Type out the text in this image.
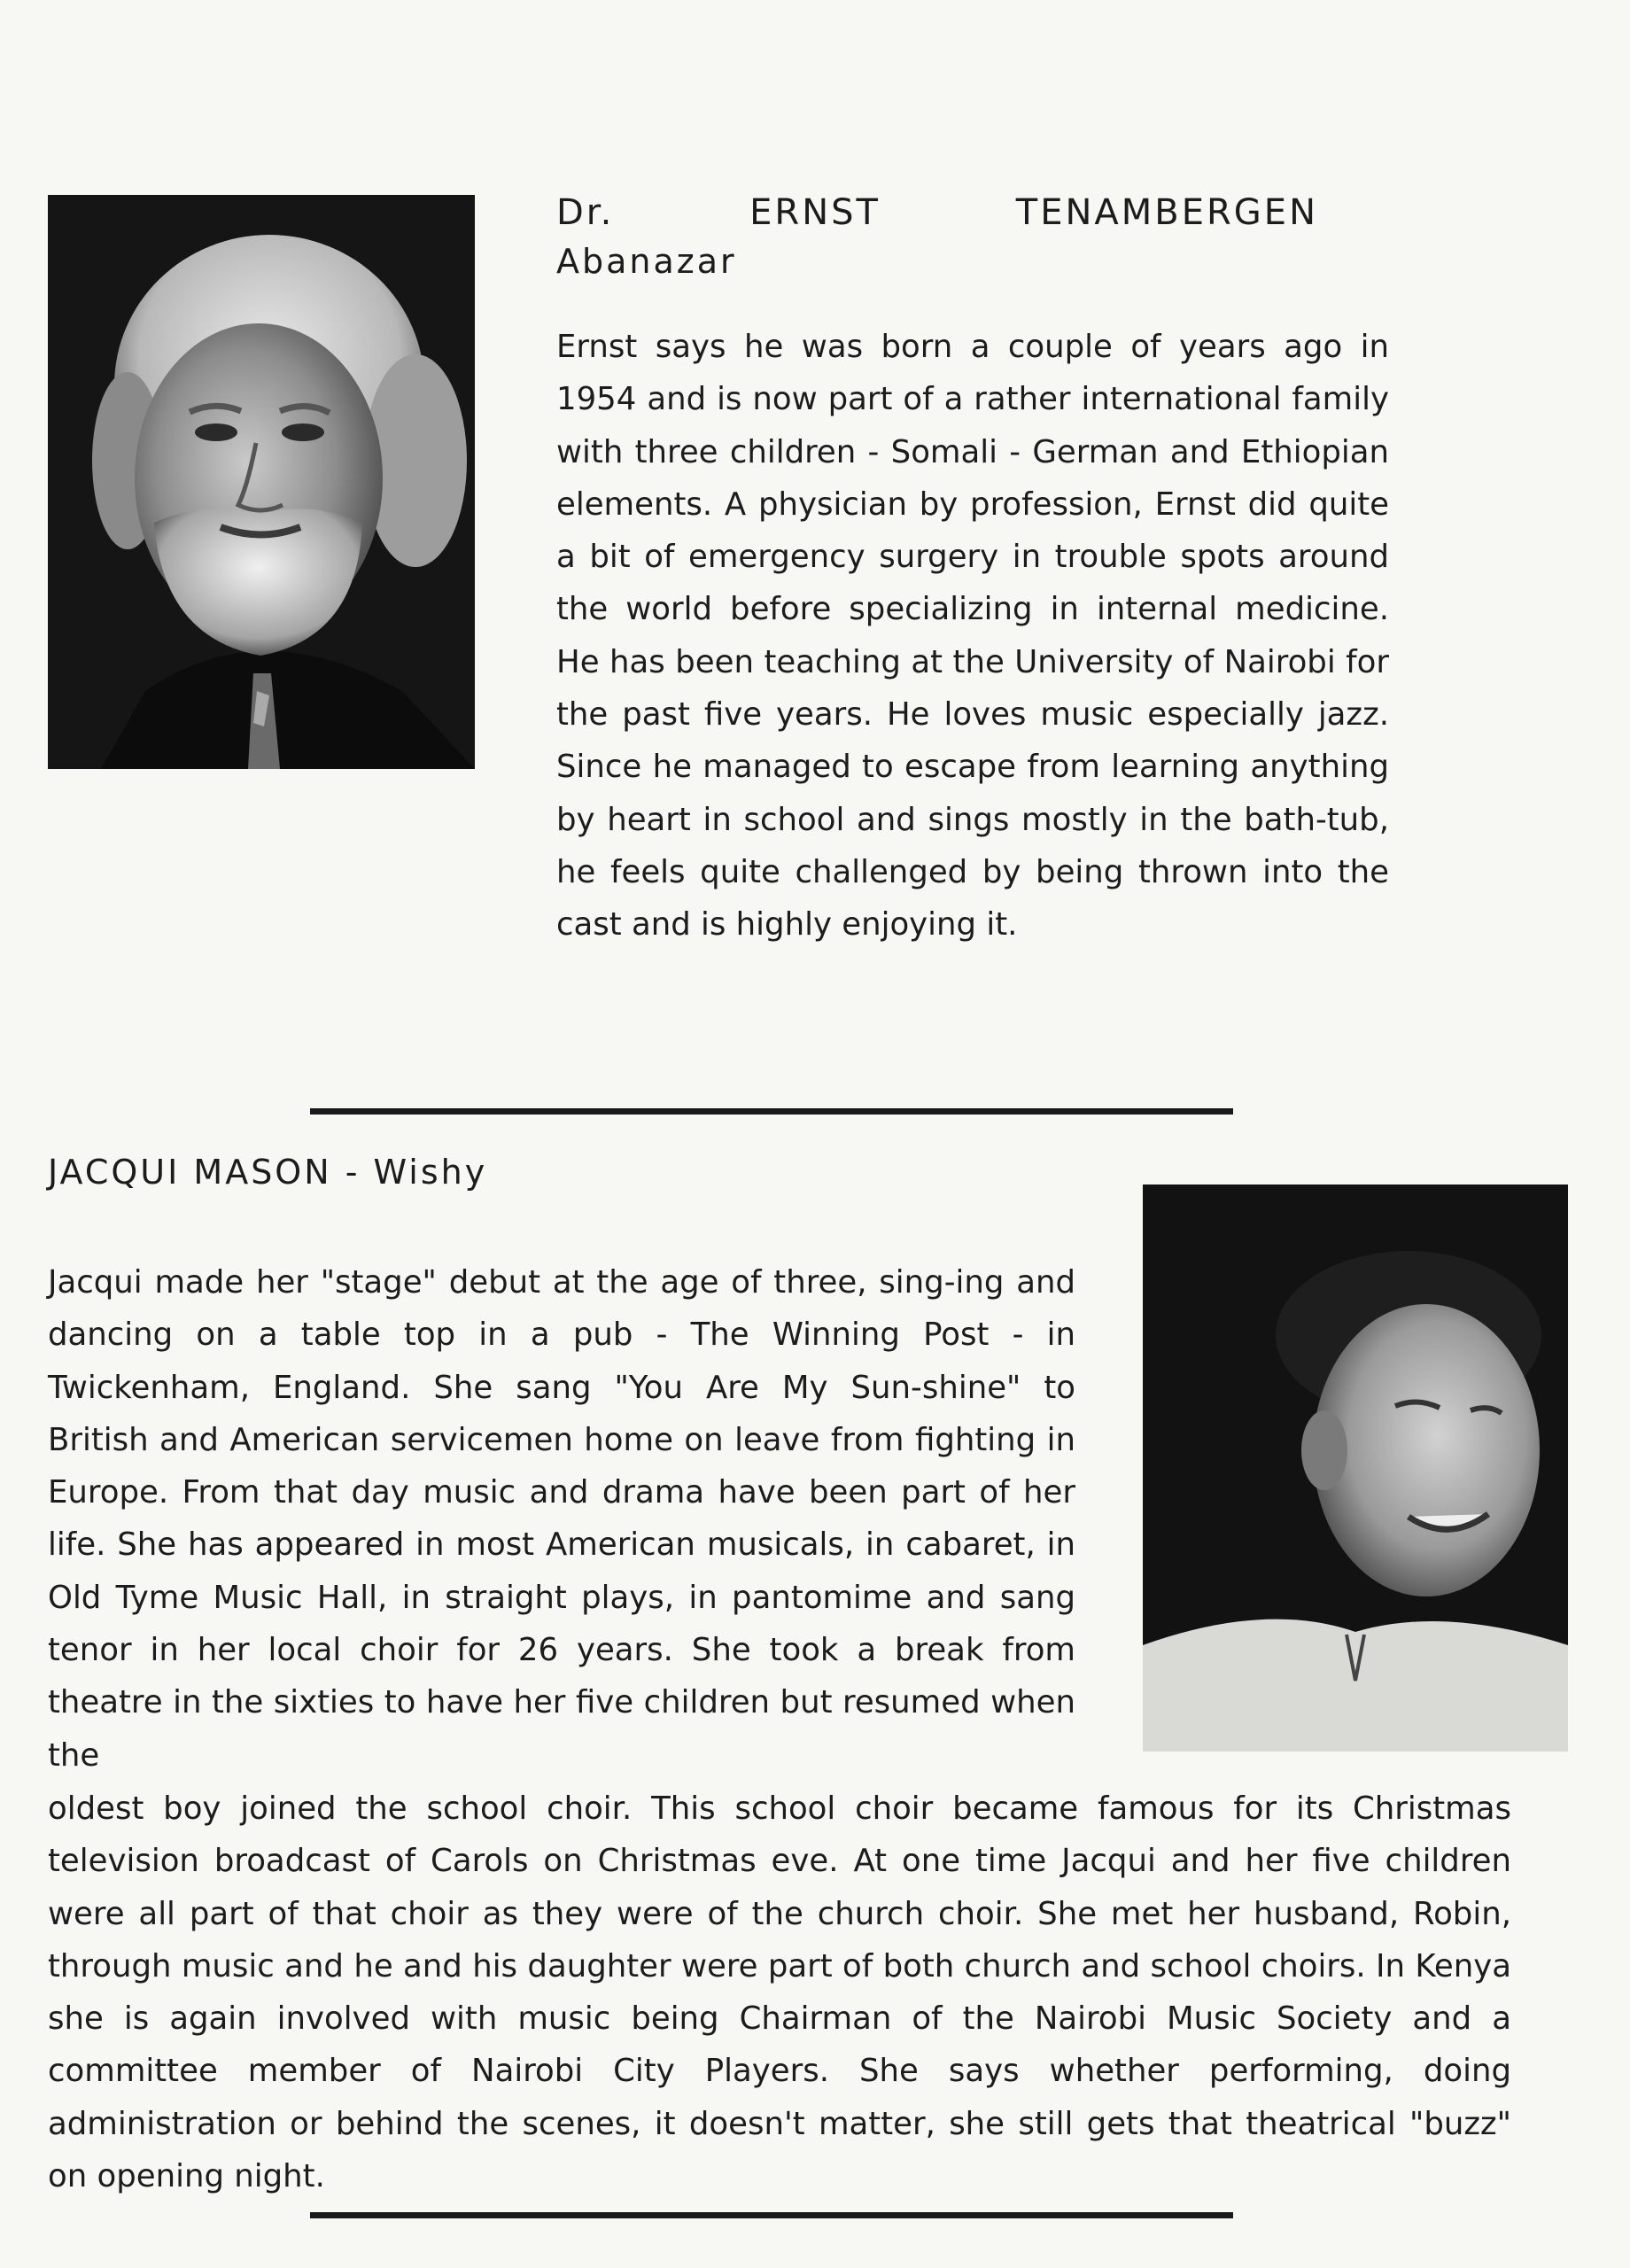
Dr.	ERNST	TENAMBERGEN

Abanazar

Ernst says he was born a couple of years ago in 1954 and is now part of a rather international family with three children - Somali - German and Ethiopian elements. A physician by profession, Ernst did quite a bit of emergency surgery in trouble spots around the world before specializing in internal medicine. He has been teaching at the University of Nairobi for the past five years. He loves music especially jazz. Since he managed to escape from learning anything by heart in school and sings mostly in the bath-tub, he feels quite challenged by being thrown into the cast and is highly enjoying it.

JACQUI MASON - Wishy

Jacqui made her "stage" debut at the age of three, sing-ing and dancing on a table top in a pub - The Winning Post - in Twickenham, England. She sang "You Are My Sun-shine" to British and American servicemen home on leave from fighting in Europe. From that day music and drama have been part of her life. She has appeared in most American musicals, in cabaret, in Old Tyme Music Hall, in straight plays, in pantomime and sang tenor in her local choir for 26 years. She took a break from theatre in the sixties to have her five children but resumed when the

oldest boy joined the school choir. This school choir became famous for its Christmas television broadcast of Carols on Christmas eve. At one time Jacqui and her five children were all part of that choir as they were of the church choir. She met her husband, Robin, through music and he and his daughter were part of both church and school choirs. In Kenya she is again involved with music being Chairman of the Nairobi Music Society and a committee member of Nairobi City Players. She says whether performing, doing administration or behind the scenes, it doesn't matter, she still gets that theatrical "buzz" on opening night.
